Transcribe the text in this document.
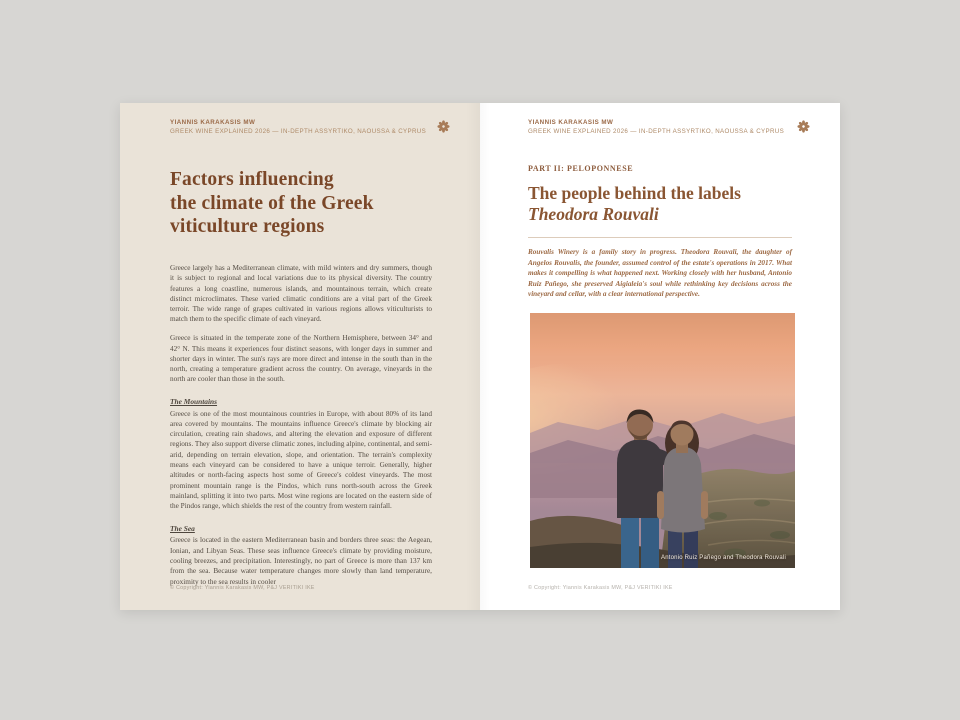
YIANNIS KARAKASIS MW
GREEK WINE EXPLAINED 2026 — IN-DEPTH ASSYRTIKO, NAOUSSA & CYPRUS
Factors influencing
the climate of the Greek
viticulture regions

Greece largely has a Mediterranean climate, with mild winters and dry summers, though it is subject to regional and local variations due to its physical diversity. The country features a long coastline, numerous islands, and mountainous terrain, which create distinct microclimates. These varied climatic conditions are a vital part of the Greek terroir. The wide range of grapes cultivated in various regions allows viticulturists to match them to the specific climate of each vineyard.

Greece is situated in the temperate zone of the Northern Hemisphere, between 34° and 42° N. This means it experiences four distinct seasons, with longer days in summer and shorter days in winter. The sun's rays are more direct and intense in the south than in the north, creating a temperature gradient across the country. On average, vineyards in the north are cooler than those in the south.

The Mountains

Greece is one of the most mountainous countries in Europe, with about 80% of its land area covered by mountains. The mountains influence Greece's climate by blocking air circulation, creating rain shadows, and altering the elevation and exposure of different regions. They also support diverse climatic zones, including alpine, continental, and semi-arid, depending on terrain elevation, slope, and orientation. The terrain's complexity means each vineyard can be considered to have a unique terroir. Generally, higher altitudes or north-facing aspects host some of Greece's coldest vineyards. The most prominent mountain range is the Pindos, which runs north-south across the Greek mainland, splitting it into two parts. Most wine regions are located on the eastern side of the Pindos range, which shields the rest of the country from western rainfall.

The Sea

Greece is located in the eastern Mediterranean basin and borders three seas: the Aegean, Ionian, and Libyan Seas. These seas influence Greece's climate by providing moisture, cooling breezes, and precipitation. Interestingly, no part of Greece is more than 137 km from the sea. Because water temperature changes more slowly than land temperature, proximity to the sea results in cooler

© Copyright: Yiannis Karakasis MW, P&J VERITIKI IKE
YIANNIS KARAKASIS MW
GREEK WINE EXPLAINED 2026 — IN-DEPTH ASSYRTIKO, NAOUSSA & CYPRUS
PART II: PELOPONNESE
The people behind the labels
Theodora Rouvali

Rouvalis Winery is a family story in progress. Theodora Rouvali, the daughter of Angelos Rouvalis, the founder, assumed control of the estate's operations in 2017. What makes it compelling is what happened next. Working closely with her husband, Antonio Ruiz Pañego, she preserved Aigialeia's soul while rethinking key decisions across the vineyard and cellar, with a clear international perspective.

Antonio Ruiz Pañego and Theodora Rouvali
© Copyright: Yiannis Karakasis MW, P&J VERITIKI IKE
